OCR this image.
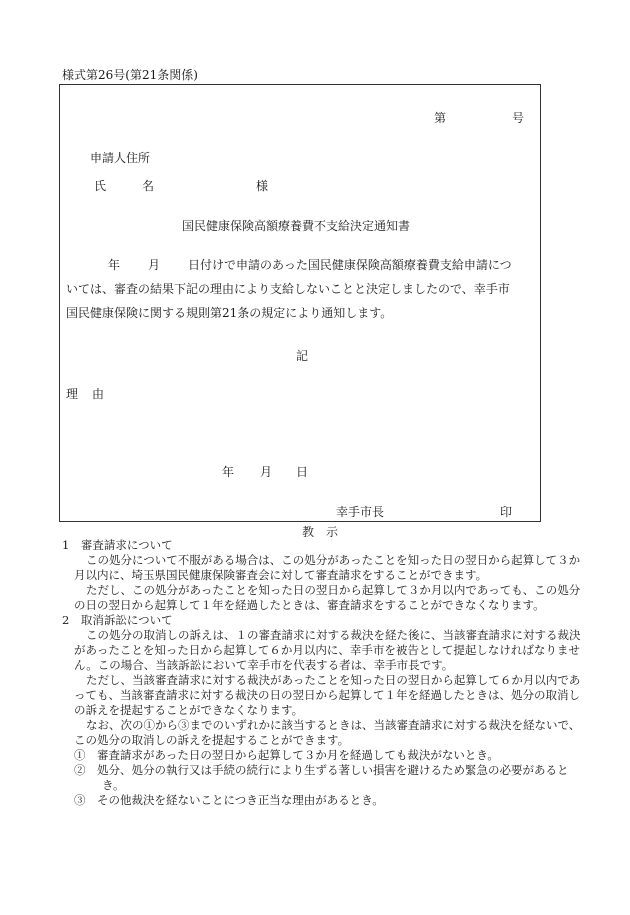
様式第26号(第21条関係)
第	号
申請人住所
氏	名	様
国民健康保険高額療養費不支給決定通知書
年 月 日付けで申請のあった国民健康保険高額療養費支給申請につ
いては、審査の結果下記の理由により支給しないことと決定しましたので、幸手市
国民健康保険に関する規則第21条の規定により通知します。
記
理 由
年 月 日
幸手市長	印
教　示

1　審査請求について

この処分について不服がある場合は、この処分があったことを知った日の翌日から起算して３か月以内に、埼玉県国民健康保険審査会に対して審査請求をすることができます。

ただし、この処分があったことを知った日の翌日から起算して３か月以内であっても、この処分の日の翌日から起算して１年を経過したときは、審査請求をすることができなくなります。

2　取消訴訟について

この処分の取消しの訴えは、１の審査請求に対する裁決を経た後に、当該審査請求に対する裁決があったことを知った日から起算して６か月以内に、幸手市を被告として提起しなければなりません。この場合、当該訴訟において幸手市を代表する者は、幸手市長です。

ただし、当該審査請求に対する裁決があったことを知った日の翌日から起算して６か月以内であっても、当該審査請求に対する裁決の日の翌日から起算して１年を経過したときは、処分の取消しの訴えを提起することができなくなります。

なお、次の①から③までのいずれかに該当するときは、当該審査請求に対する裁決を経ないで、この処分の取消しの訴えを提起することができます。

①　審査請求があった日の翌日から起算して３か月を経過しても裁決がないとき。

②　処分、処分の執行又は手続の続行により生ずる著しい損害を避けるため緊急の必要があるとき。

③　その他裁決を経ないことにつき正当な理由があるとき。
